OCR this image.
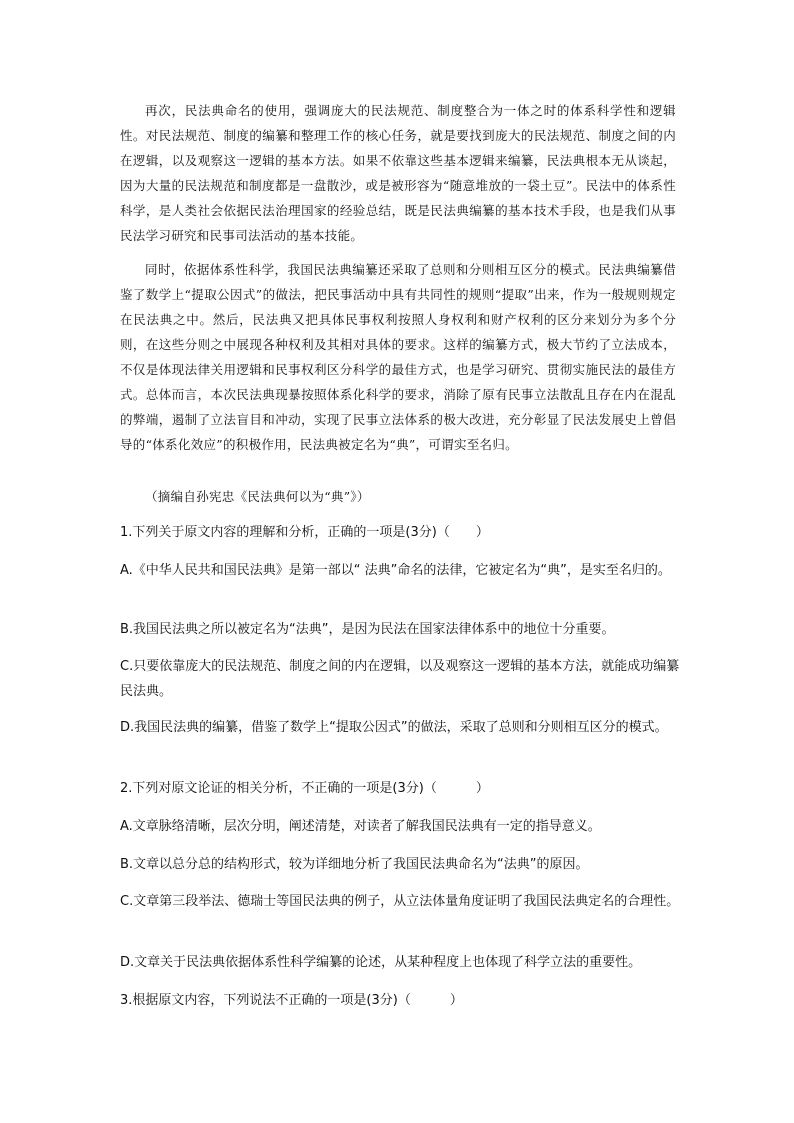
再次，民法典命名的使用，强调庞大的民法规范、制度整合为一体之时的体系科学性和逻辑性。对民法规范、制度的编纂和整理工作的核心任务，就是要找到庞大的民法规范、制度之间的内在逻辑，以及观察这一逻辑的基本方法。如果不依靠这些基本逻辑来编纂，民法典根本无从谈起，因为大量的民法规范和制度都是一盘散沙，或是被形容为“随意堆放的一袋土豆”。民法中的体系性科学，是人类社会依据民法治理国家的经验总结，既是民法典编纂的基本技术手段，也是我们从事民法学习研究和民事司法活动的基本技能。

同时，依据体系性科学，我国民法典编纂还采取了总则和分则相互区分的模式。民法典编纂借鉴了数学上“提取公因式”的做法，把民事活动中具有共同性的规则“提取”出来，作为一般规则规定在民法典之中。然后，民法典又把具体民事权利按照人身权利和财产权利的区分来划分为多个分则，在这些分则之中展现各种权利及其相对具体的要求。这样的编纂方式，极大节约了立法成本，不仅是体现法律关用逻辑和民事权利区分科学的最佳方式，也是学习研究、贯彻实施民法的最佳方式。总体而言，本次民法典现暴按照体系化科学的要求，消除了原有民事立法散乱且存在内在混乱的弊端，遏制了立法盲目和冲动，实现了民事立法体系的极大改进，充分彰显了民法发展史上曾倡导的“体系化效应”的积极作用，民法典被定名为“典”，可谓实至名归。

（摘编自孙宪忠《民法典何以为“典”》）

1.下列关于原文内容的理解和分析，正确的一项是(3分)（　　）

A.《中华人民共和国民法典》是第一部以“ 法典”命名的法律，它被定名为“典”，是实至名归的。

B.我国民法典之所以被定名为“法典”，是因为民法在国家法律体系中的地位十分重要。

C.只要依靠庞大的民法规范、制度之间的内在逻辑，以及观察这一逻辑的基本方法，就能成功编纂民法典。

D.我国民法典的编纂，借鉴了数学上“提取公因式”的做法，采取了总则和分则相互区分的模式。

2.下列对原文论证的相关分析，不正确的一项是(3分)（　　　）

A.文章脉络清晰，层次分明，阐述清楚，对读者了解我国民法典有一定的指导意义。

B.文章以总分总的结构形式，较为详细地分析了我国民法典命名为“法典”的原因。

C.文章第三段举法、德瑞士等国民法典的例子，从立法体量角度证明了我国民法典定名的合理性。

D.文章关于民法典依据体系性科学编纂的论述，从某种程度上也体现了科学立法的重要性。

3.根据原文内容，下列说法不正确的一项是(3分)（　　　）
